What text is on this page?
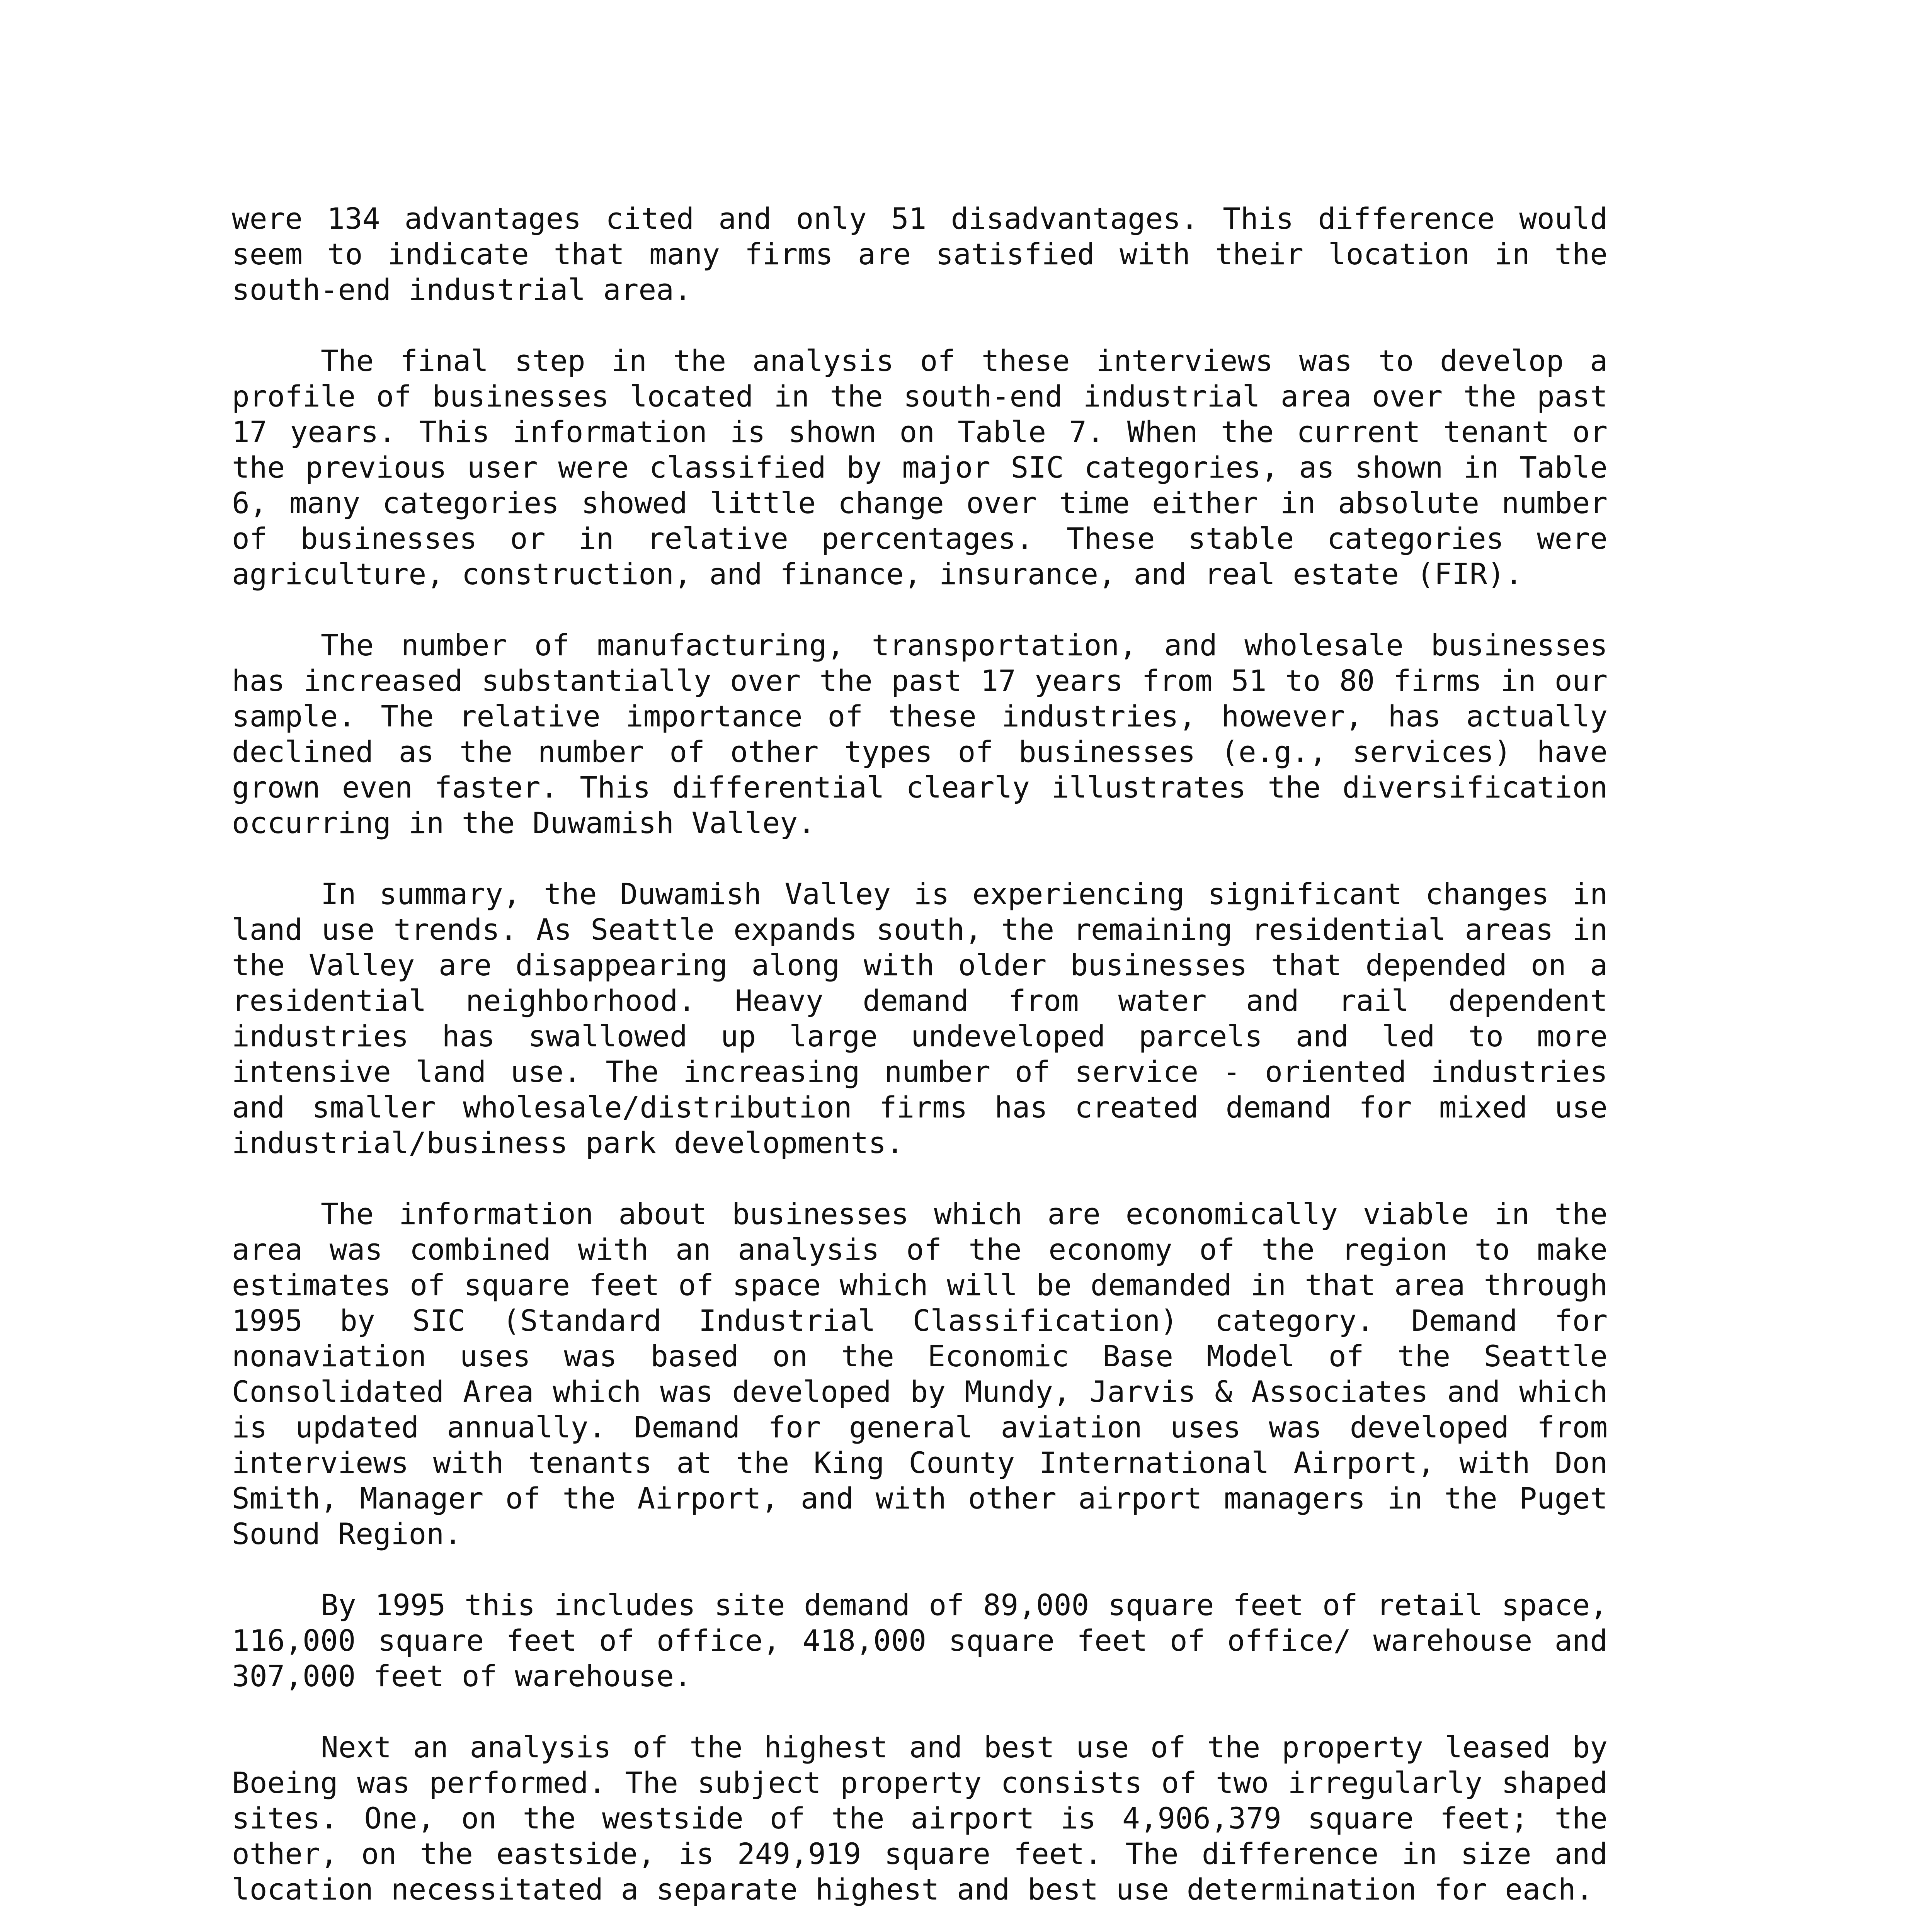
were 134 advantages cited and only 51 disadvantages. This difference would seem to indicate that many firms are satisfied with their location in the south-end industrial area.

The final step in the analysis of these interviews was to develop a profile of businesses located in the south-end industrial area over the past 17 years. This information is shown on Table 7. When the current tenant or the previous user were classified by major SIC categories, as shown in Table 6, many categories showed little change over time either in absolute number of businesses or in relative percentages. These stable categories were agriculture, construction, and finance, insurance, and real estate (FIR).

The number of manufacturing, transportation, and wholesale businesses has increased substantially over the past 17 years from 51 to 80 firms in our sample. The relative importance of these industries, however, has actually declined as the number of other types of businesses (e.g., services) have grown even faster. This differential clearly illustrates the diversification occurring in the Duwamish Valley.

In summary, the Duwamish Valley is experiencing significant changes in land use trends. As Seattle expands south, the remaining residential areas in the Valley are disappearing along with older businesses that depended on a residential neighborhood. Heavy demand from water and rail dependent industries has swallowed up large undeveloped parcels and led to more intensive land use. The increasing number of service - oriented industries and smaller wholesale/distribution firms has created demand for mixed use industrial/business park developments.

The information about businesses which are economically viable in the area was combined with an analysis of the economy of the region to make estimates of square feet of space which will be demanded in that area through 1995 by SIC (Standard Industrial Classification) category. Demand for nonaviation uses was based on the Economic Base Model of the Seattle Consolidated Area which was developed by Mundy, Jarvis & Associates and which is updated annually. Demand for general aviation uses was developed from interviews with tenants at the King County International Airport, with Don Smith, Manager of the Airport, and with other airport managers in the Puget Sound Region.

By 1995 this includes site demand of 89,000 square feet of retail space, 116,000 square feet of office, 418,000 square feet of office/ warehouse and 307,000 feet of warehouse.

Next an analysis of the highest and best use of the property leased by Boeing was performed. The subject property consists of two irregularly shaped sites. One, on the westside of the airport is 4,906,379 square feet; the other, on the eastside, is 249,919 square feet. The difference in size and location necessitated a separate highest and best use determination for each.
